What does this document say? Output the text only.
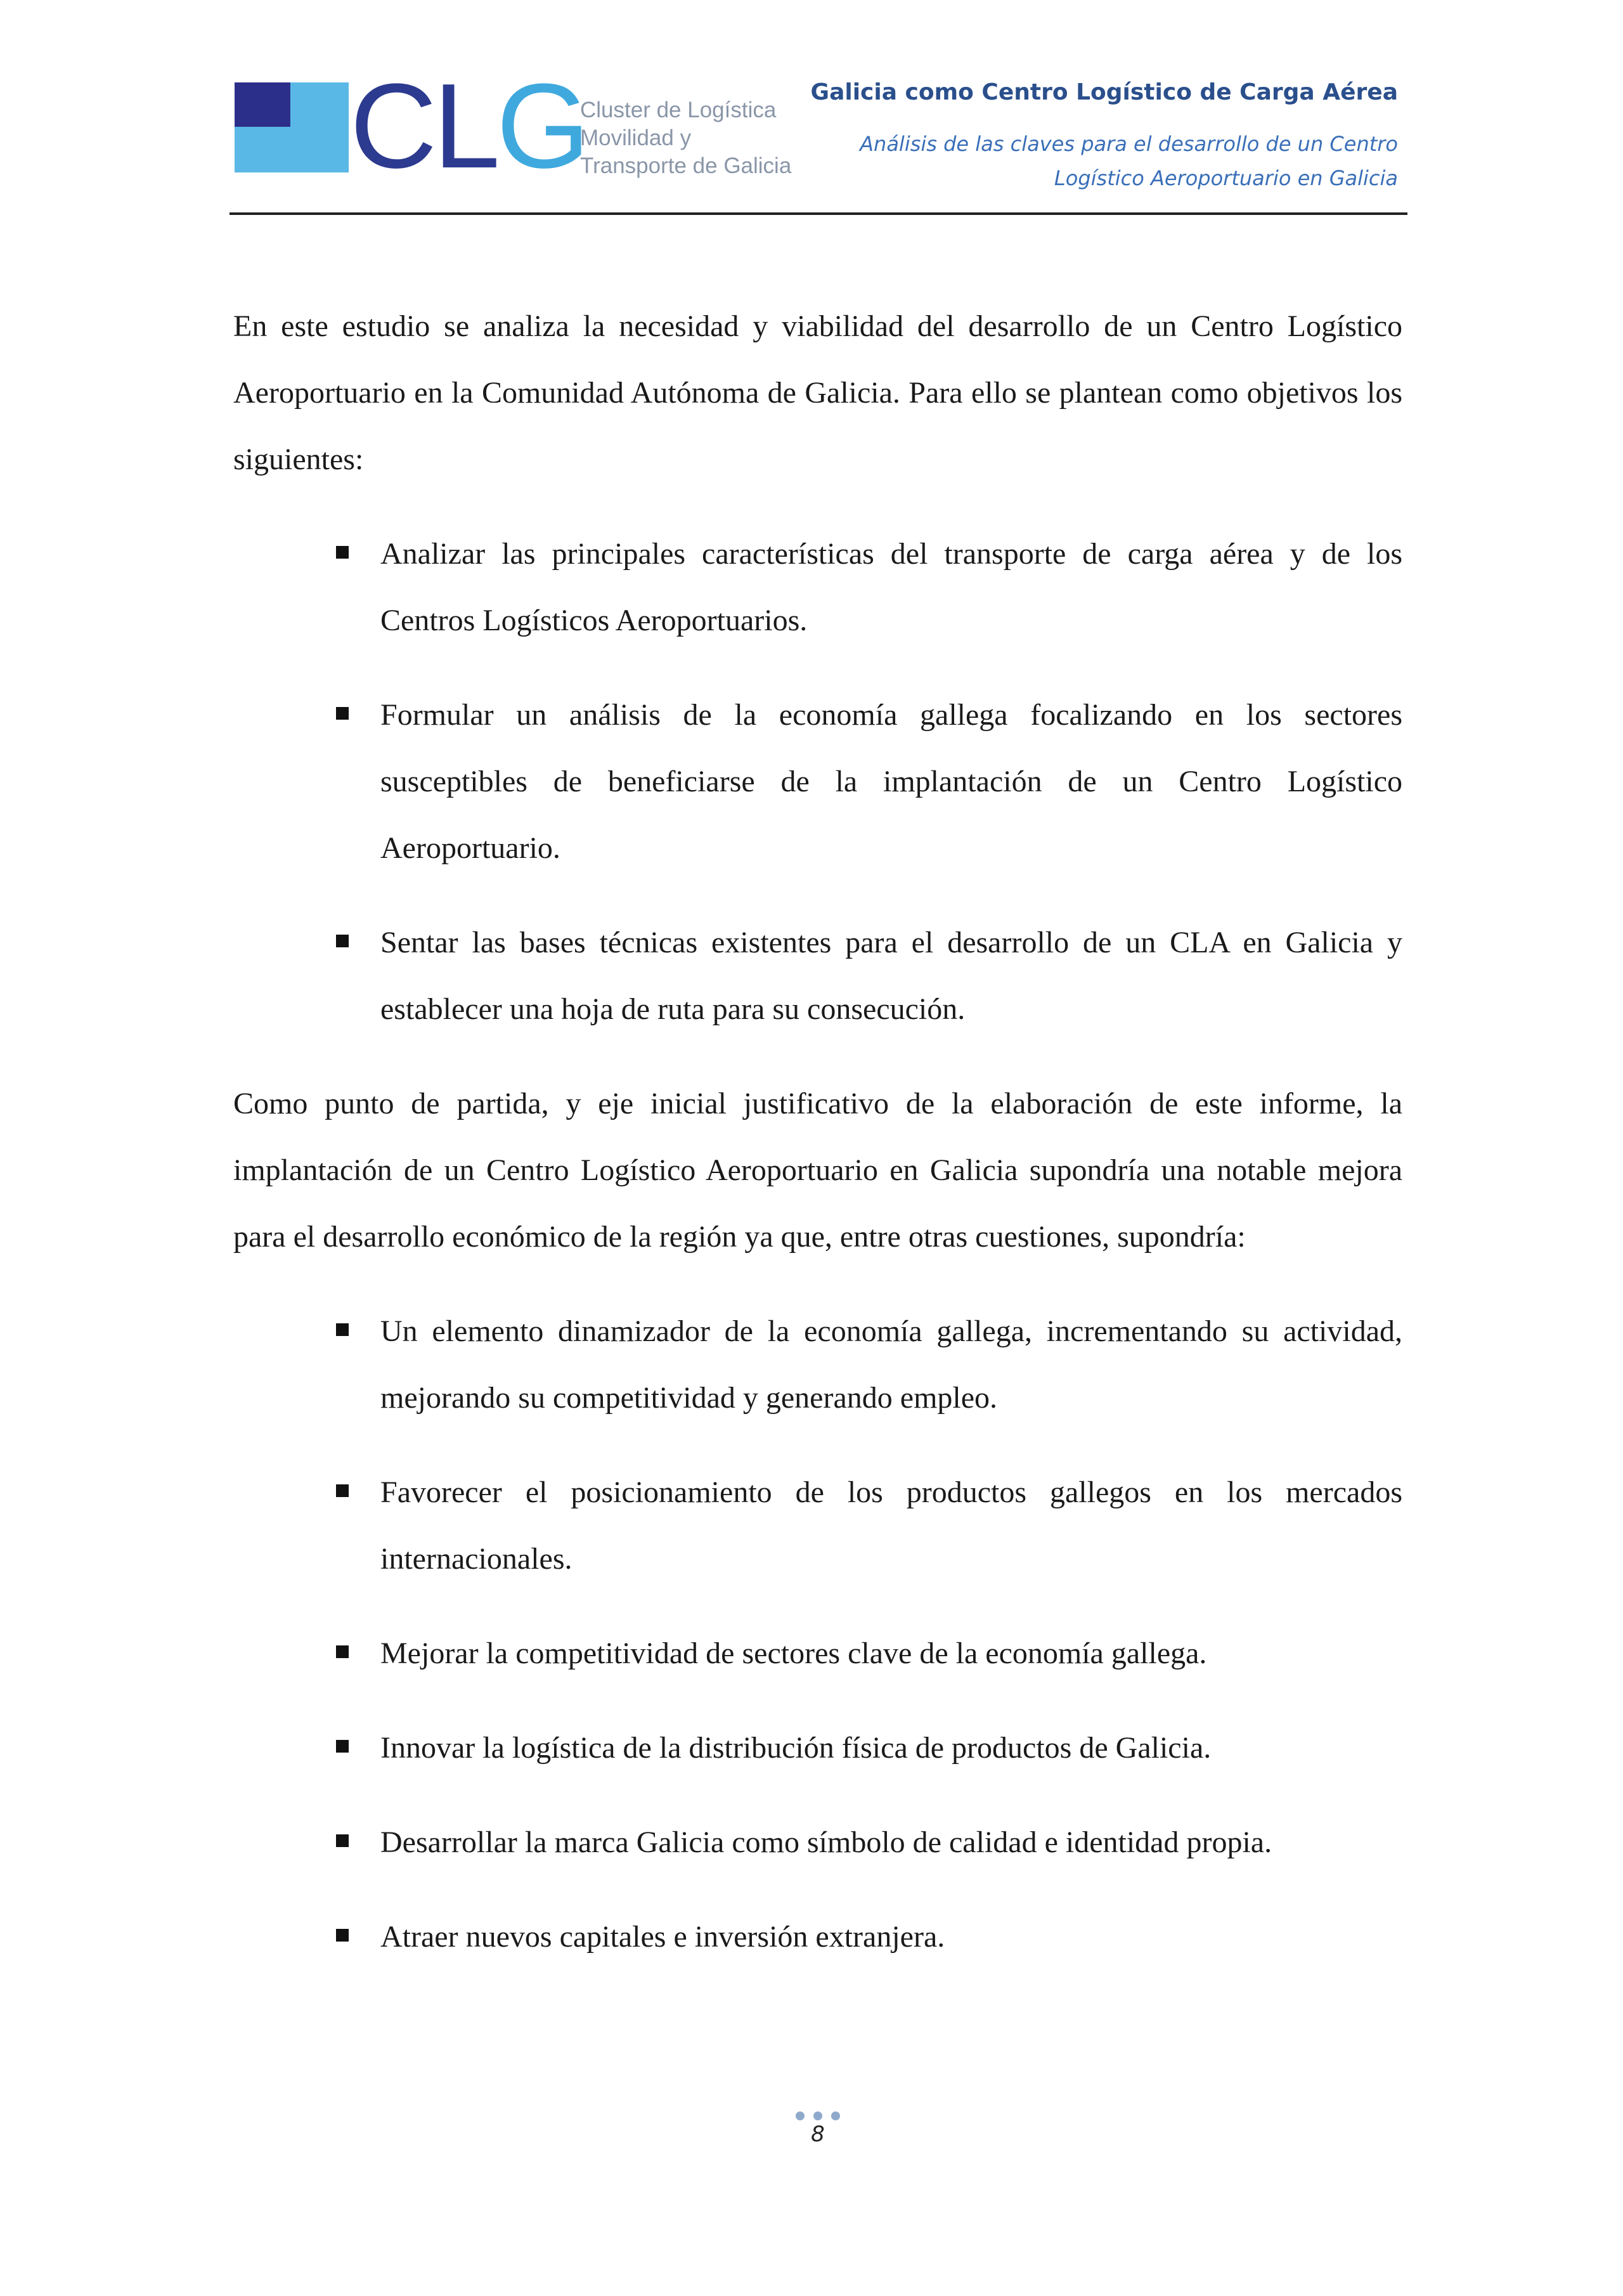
C L G
Cluster de Logística
Movilidad y
Transporte de Galicia
Galicia como Centro Logístico de Carga Aérea
Análisis de las claves para el desarrollo de un Centro
Logístico Aeroportuario en Galicia

En este estudio se analiza la necesidad y viabilidad del desarrollo de un Centro Logístico Aeroportuario en la Comunidad Autónoma de Galicia. Para ello se plantean como objetivos los siguientes:

Analizar las principales características del transporte de carga aérea y de los Centros Logísticos Aeroportuarios.
Formular un análisis de la economía gallega focalizando en los sectores susceptibles de beneficiarse de la implantación de un Centro Logístico Aeroportuario.
Sentar las bases técnicas existentes para el desarrollo de un CLA en Galicia y establecer una hoja de ruta para su consecución.

Como punto de partida, y eje inicial justificativo de la elaboración de este informe, la implantación de un Centro Logístico Aeroportuario en Galicia supondría una notable mejora para el desarrollo económico de la región ya que, entre otras cuestiones, supondría:

Un elemento dinamizador de la economía gallega, incrementando su actividad, mejorando su competitividad y generando empleo.
Favorecer el posicionamiento de los productos gallegos en los mercados internacionales.
Mejorar la competitividad de sectores clave de la economía gallega.
Innovar la logística de la distribución física de productos de Galicia.
Desarrollar la marca Galicia como símbolo de calidad e identidad propia.
Atraer nuevos capitales e inversión extranjera.
8
